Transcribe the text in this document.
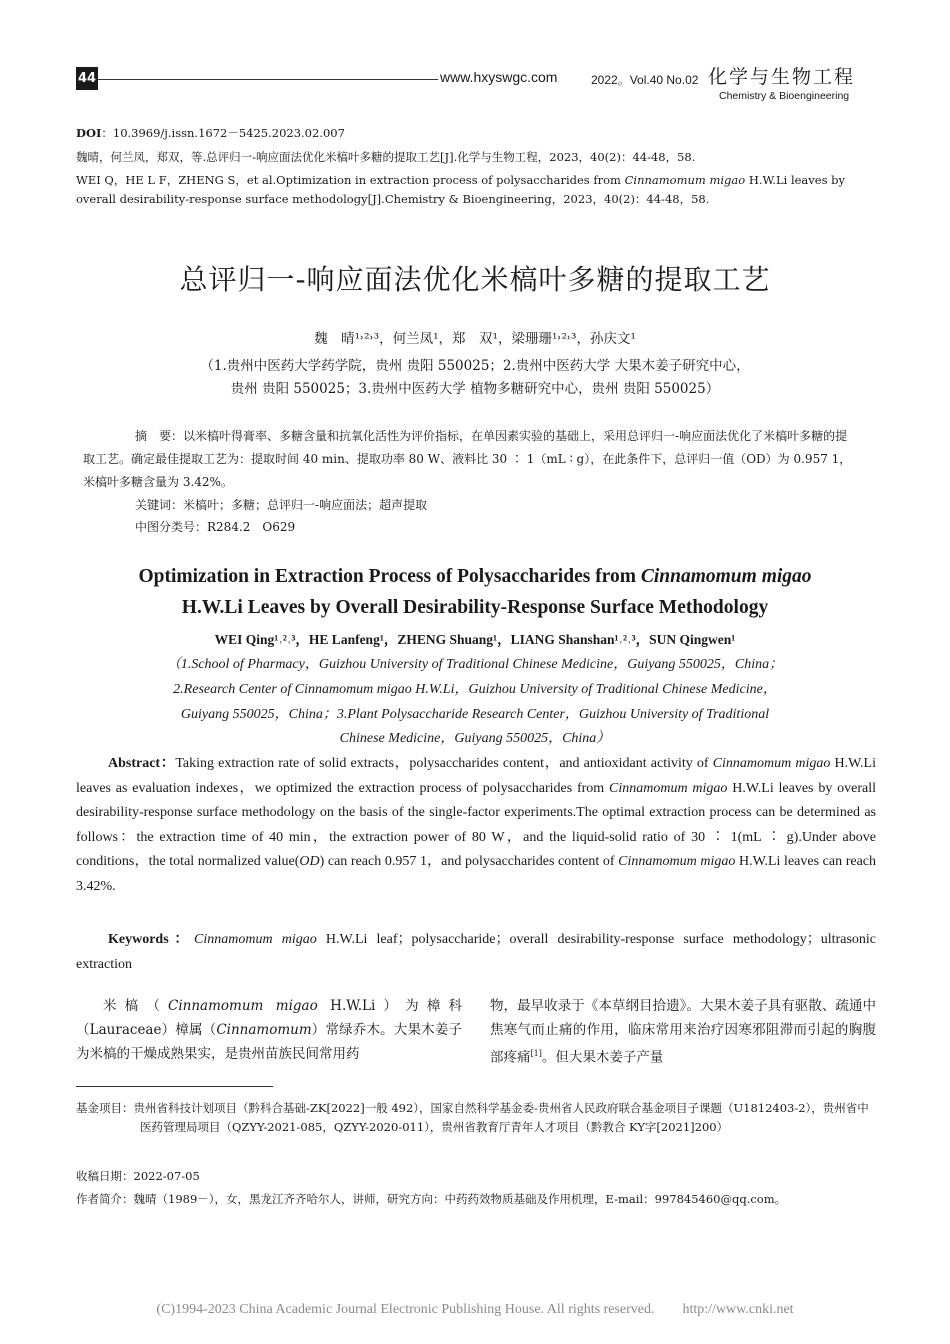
44	www.hxyswgc.com	2022。Vol.40 No.02 化学与生物工程
Chemistry & Bioengineering
DOI：10.3969/j.issn.1672－5425.2023.02.007
魏晴，何兰凤，郑双，等.总评归一-响应面法优化米槁叶多糖的提取工艺[J].化学与生物工程，2023，40(2)：44-48，58.
WEI Q，HE L F，ZHENG S，et al.Optimization in extraction process of polysaccharides from Cinnamomum migao H.W.Li leaves by
overall desirability-response surface methodology[J].Chemistry & Bioengineering，2023，40(2)：44-48，58.
总评归一-响应面法优化米槁叶多糖的提取工艺
魏　晴¹˒²˒³，何兰凤¹，郑　双¹，梁珊珊¹˒²˒³，孙庆文¹
（1.贵州中医药大学药学院，贵州 贵阳 550025；2.贵州中医药大学 大果木姜子研究中心，
贵州 贵阳 550025；3.贵州中医药大学 植物多糖研究中心，贵州 贵阳 550025）
摘　要：以米槁叶得膏率、多糖含量和抗氧化活性为评价指标，在单因素实验的基础上，采用总评归一-响应面法优化了米槁叶多糖的提取工艺。确定最佳提取工艺为：提取时间 40 min、提取功率 80 W、液料比 30 ∶ 1（mL ∶ g），在此条件下，总评归一值（OD）为 0.957 1，米槁叶多糖含量为 3.42%。
关键词：米槁叶；多糖；总评归一-响应面法；超声提取
中图分类号：R284.2　O629
Optimization in Extraction Process of Polysaccharides from Cinnamomum migao
H.W.Li Leaves by Overall Desirability-Response Surface Methodology
WEI Qing¹˒²˒³，HE Lanfeng¹，ZHENG Shuang¹，LIANG Shanshan¹˒²˒³，SUN Qingwen¹
（1.School of Pharmacy，Guizhou University of Traditional Chinese Medicine，Guiyang 550025，China；
2.Research Center of Cinnamomum migao H.W.Li，Guizhou University of Traditional Chinese Medicine，
Guiyang 550025，China；3.Plant Polysaccharide Research Center，Guizhou University of Traditional
Chinese Medicine，Guiyang 550025，China）
Abstract：Taking extraction rate of solid extracts，polysaccharides content，and antioxidant activity of Cinnamomum migao H.W.Li leaves as evaluation indexes，we optimized the extraction process of polysaccharides from Cinnamomum migao H.W.Li leaves by overall desirability-response surface methodology on the basis of the single-factor experiments.The optimal extraction process can be determined as follows：the extraction time of 40 min，the extraction power of 80 W，and the liquid-solid ratio of 30 ∶ 1(mL ∶ g).Under above conditions，the total normalized value(OD) can reach 0.957 1，and polysaccharides content of Cinnamomum migao H.W.Li leaves can reach 3.42%.
Keywords：Cinnamomum migao H.W.Li leaf；polysaccharide；overall desirability-response surface methodology；ultrasonic extraction
米槁（Cinnamomum migao H.W.Li）为樟科（Lauraceae）樟属（Cinnamomum）常绿乔木。大果木姜子为米槁的干燥成熟果实，是贵州苗族民间常用药
物，最早收录于《本草纲目拾遗》。大果木姜子具有驱散、疏通中焦寒气而止痛的作用，临床常用来治疗因寒邪阻滞而引起的胸腹部疼痛[1]。但大果木姜子产量
基金项目：贵州省科技计划项目（黔科合基础-ZK[2022]一般 492），国家自然科学基金委-贵州省人民政府联合基金项目子课题（U1812403-2），贵州省中医药管理局项目（QZYY-2021-085，QZYY-2020-011），贵州省教育厅青年人才项目（黔教合 KY字[2021]200）
收稿日期：2022-07-05
作者简介：魏晴（1989－），女，黑龙江齐齐哈尔人，讲师，研究方向：中药药效物质基础及作用机理，E-mail：997845460@qq.com。
(C)1994-2023 China Academic Journal Electronic Publishing House. All rights reserved.　　http://www.cnki.net
